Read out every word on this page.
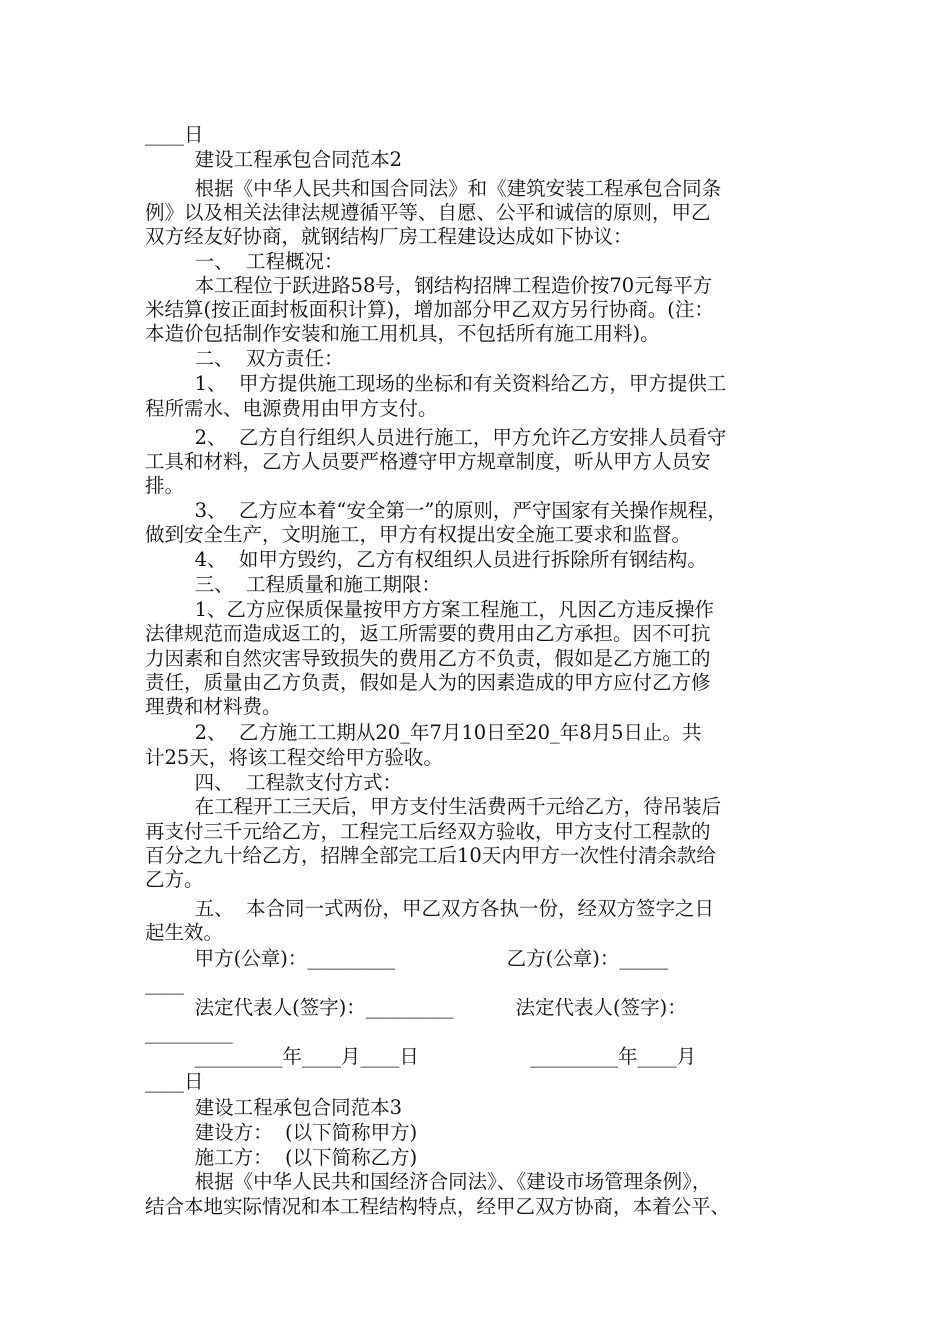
____日

建设工程承包合同范本2

根据《中华人民共和国合同法》和《建筑安装工程承包合同条

例》以及相关法律法规遵循平等、自愿、公平和诚信的原则，甲乙

双方经友好协商，就钢结构厂房工程建设达成如下协议：

一、  工程概况：

本工程位于跃进路58号，钢结构招牌工程造价按70元每平方

米结算(按正面封板面积计算)，增加部分甲乙双方另行协商。(注：

本造价包括制作安装和施工用机具，不包括所有施工用料)。

二、  双方责任：

1、  甲方提供施工现场的坐标和有关资料给乙方，甲方提供工

程所需水、电源费用由甲方支付。

2、  乙方自行组织人员进行施工，甲方允许乙方安排人员看守

工具和材料，乙方人员要严格遵守甲方规章制度，听从甲方人员安

排。

3、  乙方应本着“安全第一”的原则，严守国家有关操作规程，

做到安全生产，文明施工，甲方有权提出安全施工要求和监督。

4、  如甲方毁约，乙方有权组织人员进行拆除所有钢结构。

三、  工程质量和施工期限：

1、乙方应保质保量按甲方方案工程施工，凡因乙方违反操作

法律规范而造成返工的，返工所需要的费用由乙方承担。因不可抗

力因素和自然灾害导致损失的费用乙方不负责，假如是乙方施工的

责任，质量由乙方负责，假如是人为的因素造成的甲方应付乙方修

理费和材料费。

2、  乙方施工工期从20_年7月10日至20_年8月5日止。共

计25天，将该工程交给甲方验收。

四、  工程款支付方式：

在工程开工三天后，甲方支付生活费两千元给乙方，待吊装后

再支付三千元给乙方，工程完工后经双方验收，甲方支付工程款的

百分之九十给乙方，招牌全部完工后10天内甲方一次性付清余款给

乙方。

五、  本合同一式两份，甲乙双方各执一份，经双方签字之日

起生效。

甲方(公章)：_________                  乙方(公章)：_____

____

法定代表人(签字)：_________          法定代表人(签字)：

_________

_________年____月____日                  _________年____月

____日

建设工程承包合同范本3

建设方：  (以下简称甲方)

施工方：  (以下简称乙方)

根据《中华人民共和国经济合同法》、《建设市场管理条例》，

结合本地实际情况和本工程结构特点，经甲乙双方协商，本着公平、
